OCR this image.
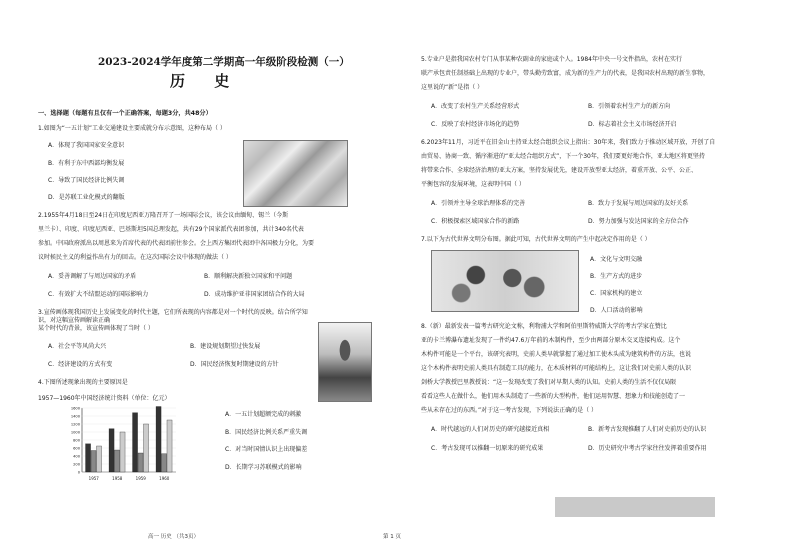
2023-2024学年度第二学期高一年级阶段检测（一）
历 史
一、选择题（每题有且仅有一个正确答案，每题3分，共48分）
1.如图为“一五计划”工业交通建设主要成就分布示意图，这种布局（ ）
A．体现了我国国家安全意识
B．有利于东中西部均衡发展
C．导致了国民经济比例失调
D．是苏联工业化模式的翻版
2.1955年4月18日至24日在印度尼西亚万隆召开了一场国际会议，该会议由缅甸、锡兰（今斯
里兰卡）、印度、印度尼西亚、巴基斯坦5国总理发起，共有29个国家派代表团参加，共计340名代表
参加。中国政府派出以周恩来为首席代表的代表团前往参会。会上西方集团代表团中各国极力分化，为要
议时候民主义的利益作出有力的回击。在这次国际会议中体现的做法（ ）
A．妥善调解了与周边国家的矛盾	B．顺利解决新独立国家和平问题
C．有效扩大不结盟运动的国际影响力	D．成功维护亚非国家团结合作的大局
3.宣传画体现我国历史上发展变化的时代主题，它们所表现的内容都是对一个时代的反映。结合所学知识，对这幅宣传画解读正确
某个时代的背景，该宣传画体现了当时（ ）
A．社会平等风尚大兴	B．建设规划期望过快发展
C．经济建设的方式有变	D．国民经济恢复时期建设的方针
4.下图所述现象出现的主要原因是
1957—1960年中国经济统计资料（单位：亿元）
0
200
400
600
800
1000
1200
1400
1600
1957	1958	1959	1960
A．一五计划超额完成的刺激
B．国民经济比例关系严重失调
C．对当时国情认识上出现偏差
D．长期学习苏联模式的影响
高一 历史 （共3页）	第 1 页
5.专业户是指我国农村专门从事某种农副业的家庭或个人。1984年中央一号文件指出，农村在实行
联产承包责任制基础上出现的专业户，带头勤劳致富，成为新的生产力的代表，是我国农村出现的新生事物，
这里说的“新”是指（ ）
A．改变了农村生产关系经营形式	B．引领着农村生产力的新方向
C．反映了农村经济市场化的趋势	D．标志着社会主义市场经济开启
6.2023年11月，习近平在旧金山主持亚太经合组织会议上指出：30年来，我们致力于推动区域开放，开创了自
由贸易、协商一致、循序渐进的“亚太经合组织方式”，下一个30年，我们要更好地合作，亚太地区将更坚持
将带来合作、全球经济治理的亚太方案，坚持发展优先，建设开放型亚太经济，着重开放、公平、公正、
平衡包容的发展环境，这表明中国（ ）
A．引领并主导全球治理体系的完善	B．致力于发展与周边国家的友好关系
C．积极探索区域国家合作的新路	D．努力加强与发达国家的全方位合作
7.以下为古代世界文明分布图。据此可知，古代世界文明的产生中起决定作用的是（ ）
A．文化与文明交融
B．生产方式的进步
C．国家机构的建立
D．人口活动的影响
8.（新）最新发表一篇考古研究论文称，利物浦大学和阿伯里斯特威斯大学的考古学家在赞比
亚的卡兰博瀑布遗址发现了一件约47.6万年前的木制构件，至少由两部分原木交叉连接构成。这个
木构件可能是一个平台，该研究表明，史前人类早就掌握了通过加工使木头成为建筑构件的方法，也说
这个木构件表明史前人类具有制造工具的能力，在木质材料的可能结构上，这让我们对史前人类的认识
剑桥大学教授巴里教授说：“这一发现改变了我们对早期人类的认知。史前人类的生活不仅仅局限
看看这些人在做什么，他们用木头制造了一些新的大型构件，他们运用智慧、想象力和技能创造了一
些从未存在过的东西。”对于这一考古发现，下列说法正确的是（ ）
A．时代越远的人们对历史的研究越接近真相	B．新考古发现推翻了人们对史前历史的认识
C．考古发现可以推翻一切原来的研究成果	D．历史研究中考古学家往往发挥着重要作用
